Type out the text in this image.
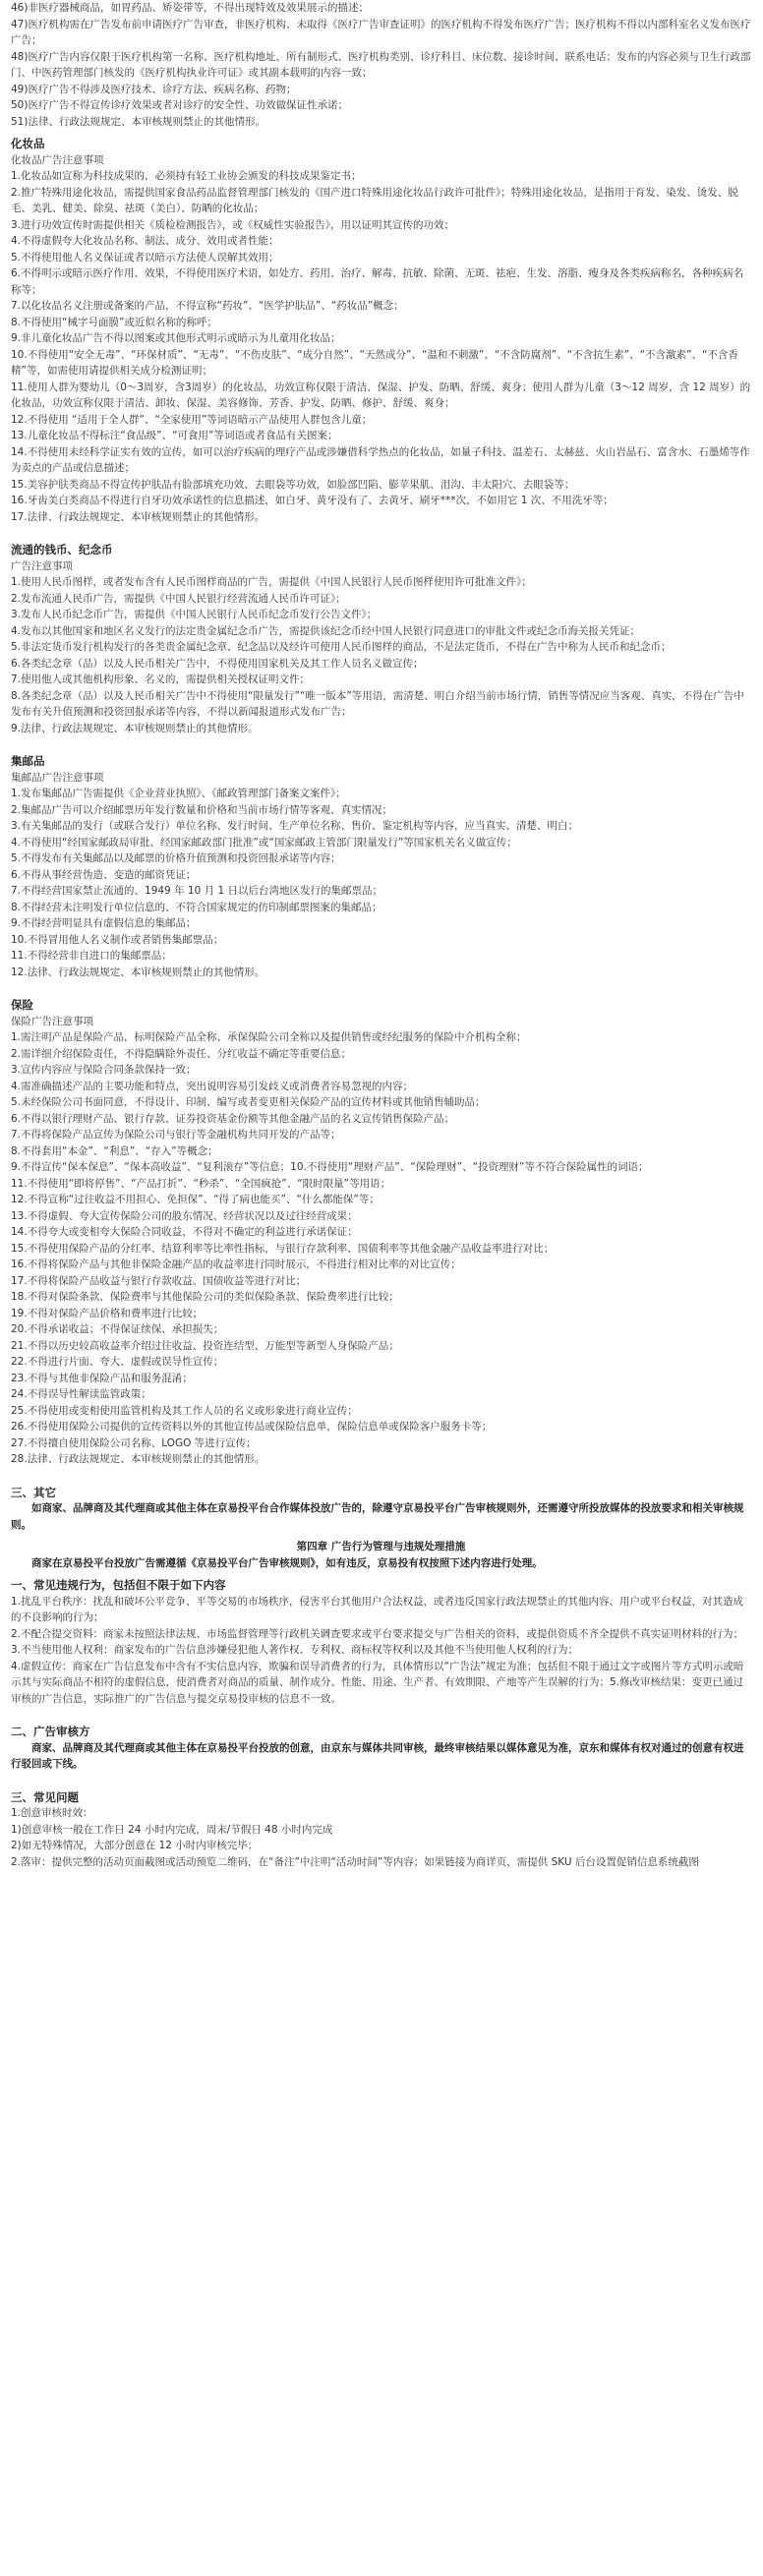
46)非医疗器械商品，如胃药品、矫姿带等，不得出现特效及效果展示的描述；
47)医疗机构需在广告发布前申请医疗广告审查，非医疗机构、未取得《医疗广告审查证明》的医疗机构不得发布医疗广告；医疗机构不得以内部科室名义发布医疗广告；
48)医疗广告内容仅限于医疗机构第一名称、医疗机构地址、所有制形式、医疗机构类别、诊疗科目、床位数、接诊时间、联系电话；发布的内容必须与卫生行政部门、中医药管理部门核发的《医疗机构执业许可证》或其副本载明的内容一致；
49)医疗广告不得涉及医疗技术、诊疗方法、疾病名称、药物；
50)医疗广告不得宣传诊疗效果或者对诊疗的安全性、功效做保证性承诺；
51)法律、行政法规规定、本审核规则禁止的其他情形。
化妆品
化妆品广告注意事项
1.化妆品如宣称为科技成果的，必须持有轻工业协会颁发的科技成果鉴定书；
2.推广特殊用途化妆品，需提供国家食品药品监督管理部门核发的《国产进口特殊用途化妆品行政许可批件》；特殊用途化妆品，是指用于育发、染发、烫发、脱毛、美乳、健美、除臭、祛斑（美白）、防晒的化妆品；
3.进行功效宣传时需提供相关《质检检测报告》，或《权威性实验报告》，用以证明其宣传的功效；
4.不得虚假夸大化妆品名称、制法、成分、效用或者性能；
5.不得使用他人名义保证或者以暗示方法使人误解其效用；
6.不得明示或暗示医疗作用、效果，不得使用医疗术语，如处方、药用、治疗、解毒、抗敏、除菌、无斑、祛疤、生发、溶脂、瘦身及各类疾病称名，各种疾病名称等；
7.以化妆品名义注册或备案的产品，不得宣称“药妆”、“医学护肤品”、“药妆品”概念；
8.不得使用“械字号面膜”或近似名称的称呼；
9.非儿童化妆品广告不得以图案或其他形式明示或暗示为儿童用化妆品；
10.不得使用“安全无毒”、“环保材质”、“无毒”、“不伤皮肤”、“成分自然”、“天然成分”、“温和不刺激”、“不含防腐剂”、“不含抗生素”、“不含激素”、“不含香精”等，如需使用请提供相关成分检测证明；
11.使用人群为婴幼儿（0～3周岁，含3周岁）的化妆品，功效宣称仅限于清洁、保湿、护发、防晒、舒缓、爽身；使用人群为儿童（3～12 周岁，含 12 周岁）的化妆品，功效宣称仅限于清洁、卸妆、保湿、美容修饰、芳香、护发、防晒、修护、舒缓、爽身；
12.不得使用 “适用于全人群”、“全家使用”等词语暗示产品使用人群包含儿童；
13.儿童化妆品不得标注“食品级”、“可食用”等词语或者食品有关图案；
14.不得使用未经科学证实有效的宣传，如可以治疗疾病的理疗产品或涉嫌借科学热点的化妆品，如量子科技、温差石、太赫兹、火山岩晶石、富含水、石墨烯等作为卖点的产品或信息描述；
15.美容护肤类商品不得宣传护肤品有脸部填充功效、去眼袋等功效，如脸部凹陷、膨苹果肌、泪沟、丰太阳穴、去眼袋等；
16.牙齿美白类商品不得进行自牙功效承诺性的信息描述，如白牙、黄牙没有了、去黄牙、刷牙***次，不如用它 1 次、不用洗牙等；
17.法律、行政法规规定、本审核规则禁止的其他情形。
流通的钱币、纪念币
广告注意事项
1.使用人民币图样，或者发布含有人民币图样商品的广告，需提供《中国人民银行人民币图样使用许可批准文件》；
2.发布流通人民币广告，需提供《中国人民银行经营流通人民币许可证》；
3.发布人民币纪念币广告，需提供《中国人民银行人民币纪念币发行公告文件》；
4.发布以其他国家和地区名义发行的法定贵金属纪念币广告，需提供该纪念币经中国人民银行同意进口的审批文件或纪念币海关报关凭证；
5.非法定货币发行机构发行的各类贵金属纪念章、纪念品以及经许可使用人民币图样的商品，不是法定货币，不得在广告中称为人民币和纪念币；
6.各类纪念章（品）以及人民币相关广告中，不得使用国家机关及其工作人员名义做宣传；
7.使用他人或其他机构形象、名义的，需提供相关授权证明文件；
8.各类纪念章（品）以及人民币相关广告中不得使用“限量发行”“唯一版本”等用语，需清楚、明白介绍当前市场行情，销售等情况应当客观、真实，不得在广告中发布有关升值预测和投资回报承诺等内容，不得以新闻报道形式发布广告；
9.法律、行政法规规定、本审核规则禁止的其他情形。
集邮品
集邮品广告注意事项
1.发布集邮品广告需提供《企业营业执照》、《邮政管理部门备案文案件》；
2.集邮品广告可以介绍邮票历年发行数量和价格和当前市场行情等客观、真实情况；
3.有关集邮品的发行（或联合发行）单位名称、发行时间、生产单位名称、售价、鉴定机构等内容，应当真实、清楚、明白；
4.不得使用“经国家邮政局审批、经国家邮政部门批准”或“国家邮政主管部门限量发行”等国家机关名义做宣传；
5.不得发布有关集邮品以及邮票的价格升值预测和投资回报承诺等内容；
6.不得从事经营伪造、变造的邮资凭证；
7.不得经营国家禁止流通的、1949 年 10 月 1 日以后台湾地区发行的集邮票品；
8.不得经营未注明发行单位信息的、不符合国家规定的仿印制邮票图案的集邮品；
9.不得经营明显具有虚假信息的集邮品；
10.不得冒用他人名义制作或者销售集邮票品；
11.不得经营非自进口的集邮票品；
12.法律、行政法规规定、本审核规则禁止的其他情形。
保险
保险广告注意事项
1.需注明产品是保险产品，标明保险产品全称、承保保险公司全称以及提供销售或经纪服务的保险中介机构全称；
2.需详细介绍保险责任，不得隐瞒除外责任、分红收益不确定等重要信息；
3.宣传内容应与保险合同条款保持一致；
4.需准确描述产品的主要功能和特点，突出说明容易引发歧义或消费者容易忽视的内容；
5.未经保险公司书面同意，不得设计、印制、编写或者变更相关保险产品的宣传材料或其他销售辅助品；
6.不得以银行理财产品、银行存款、证券投资基金份额等其他金融产品的名义宣传销售保险产品；
7.不得将保险产品宣传为保险公司与银行等金融机构共同开发的产品等；
8.不得套用“本金”、“利息”、“存入”等概念；
9.不得宣传“保本保息”、“保本高收益”、“复利滚存”等信息；10.不得使用“理财产品”、“保险理财”、“投资理财”等不符合保险属性的词语；
11.不得使用“即将停售”、“产品打折”、“秒杀”、“全国疯抢”、“限时限量”等用语；
12.不得宣称“过往收益不用担心、免担保”、“得了病也能买”、“什么都能保”等；
13.不得虚假、夸大宣传保险公司的股东情况、经营状况以及过往经营成果；
14.不得夸大或变相夸大保险合同收益，不得对不确定的利益进行承诺保证；
15.不得使用保险产品的分红率、结算利率等比率性指标，与银行存款利率、国债利率等其他金融产品收益率进行对比；
16.不得将保险产品与其他非保险金融产品的收益率进行同时展示，不得进行相对比率的对比宣传；
17.不得将保险产品收益与银行存款收益、国债收益等进行对比；
18.不得对保险条款、保险费率与其他保险公司的类似保险条款、保险费率进行比较；
19.不得对保险产品价格和费率进行比较；
20.不得承诺收益；不得保证续保、承担损失；
21.不得以历史较高收益率介绍过往收益、投资连结型、万能型等新型人身保险产品；
22.不得进行片面、夸大、虚假或误导性宣传；
23.不得与其他非保险产品和服务混淆；
24.不得误导性解读监管政策；
25.不得使用或变相使用监管机构及其工作人员的名义或形象进行商业宣传；
26.不得使用保险公司提供的宣传资料以外的其他宣传品或保险信息单，保险信息单或保险客户服务卡等；
27.不得擅自使用保险公司名称、LOGO 等进行宣传；
28.法律、行政法规规定、本审核规则禁止的其他情形。
三、其它
如商家、品牌商及其代理商或其他主体在京易投平台合作媒体投放广告的，除遵守京易投平台广告审核规则外，还需遵守所投放媒体的投放要求和相关审核规则。
第四章 广告行为管理与违规处理措施
商家在京易投平台投放广告需遵循《京易投平台广告审核规则》，如有违反，京易投有权按照下述内容进行处理。
一、常见违规行为，包括但不限于如下内容
1.扰乱平台秩序：扰乱和破坏公平竞争、平等交易的市场秩序，侵害平台其他用户合法权益，或者违反国家行政法规禁止的其他内容、用户或平台权益，对其造成的不良影响的行为；
2.不配合提交资料：商家未按照法律法规、市场监督管理等行政机关调查要求或平台要求提交与广告相关的资料，或提供资质不齐全提供不真实证明材料的行为；
3.不当使用他人权利：商家发布的广告信息涉嫌侵犯他人著作权、专利权、商标权等权利以及其他不当使用他人权利的行为；
4.虚假宣传：商家在广告信息发布中含有不实信息内容，欺骗和误导消费者的行为，具体情形以“广告法”规定为准；包括但不限于通过文字或图片等方式明示或暗示其与实际商品不相符的虚假信息，使消费者对商品的质量、制作成分、性能、用途、生产者、有效期限、产地等产生误解的行为；5.修改审核结果：变更已通过审核的广告信息，实际推广的广告信息与提交京易投审核的信息不一致。
二、广告审核方
商家、品牌商及其代理商或其他主体在京易投平台投放的创意，由京东与媒体共同审核，最终审核结果以媒体意见为准，京东和媒体有权对通过的创意有权进行驳回或下线。
三、常见问题
1.创意审核时效：
1)创意审核一般在工作日 24 小时内完成，周末/节假日 48 小时内完成
2)如无特殊情况，大部分创意在 12 小时内审核完毕；
2.落审：提供完整的活动页面截图或活动预览二维码，在“备注”中注明“活动时间”等内容；如果链接为商详页，需提供 SKU 后台设置促销信息系统截图
